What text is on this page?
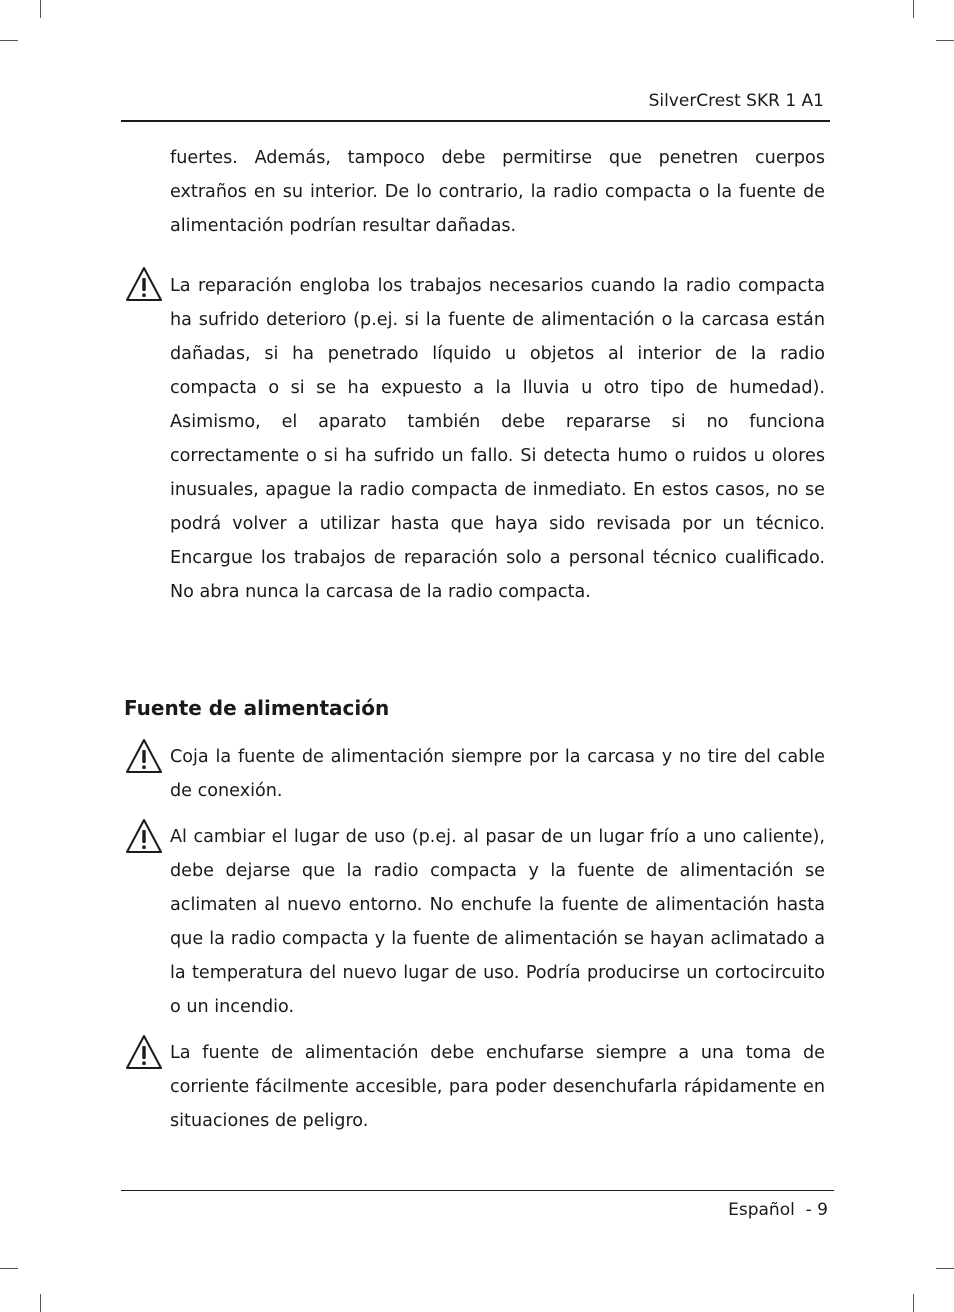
SilverCrest SKR 1 A1

fuertes. Además, tampoco debe permitirse que penetren cuerpos extraños en su interior. De lo contrario, la radio compacta o la fuente de alimentación podrían resultar dañadas.

La reparación engloba los trabajos necesarios cuando la radio compacta ha sufrido deterioro (p.ej. si la fuente de alimentación o la carcasa están dañadas, si ha penetrado líquido u objetos al interior de la radio compacta o si se ha expuesto a la lluvia u otro tipo de humedad). Asimismo, el aparato también debe repararse si no funciona correctamente o si ha sufrido un fallo. Si detecta humo o ruidos u olores inusuales, apague la radio compacta de inmediato. En estos casos, no se podrá volver a utilizar hasta que haya sido revisada por un técnico. Encargue los trabajos de reparación solo a personal técnico cualificado. No abra nunca la carcasa de la radio compacta.

Fuente de alimentación

Coja la fuente de alimentación siempre por la carcasa y no tire del cable de conexión.

Al cambiar el lugar de uso (p.ej. al pasar de un lugar frío a uno caliente), debe dejarse que la radio compacta y la fuente de alimentación se aclimaten al nuevo entorno. No enchufe la fuente de alimentación hasta que la radio compacta y la fuente de alimentación se hayan aclimatado a la temperatura del nuevo lugar de uso. Podría producirse un cortocircuito o un incendio.

La fuente de alimentación debe enchufarse siempre a una toma de corriente fácilmente accesible, para poder desenchufarla rápidamente en situaciones de peligro.

Español  - 9
